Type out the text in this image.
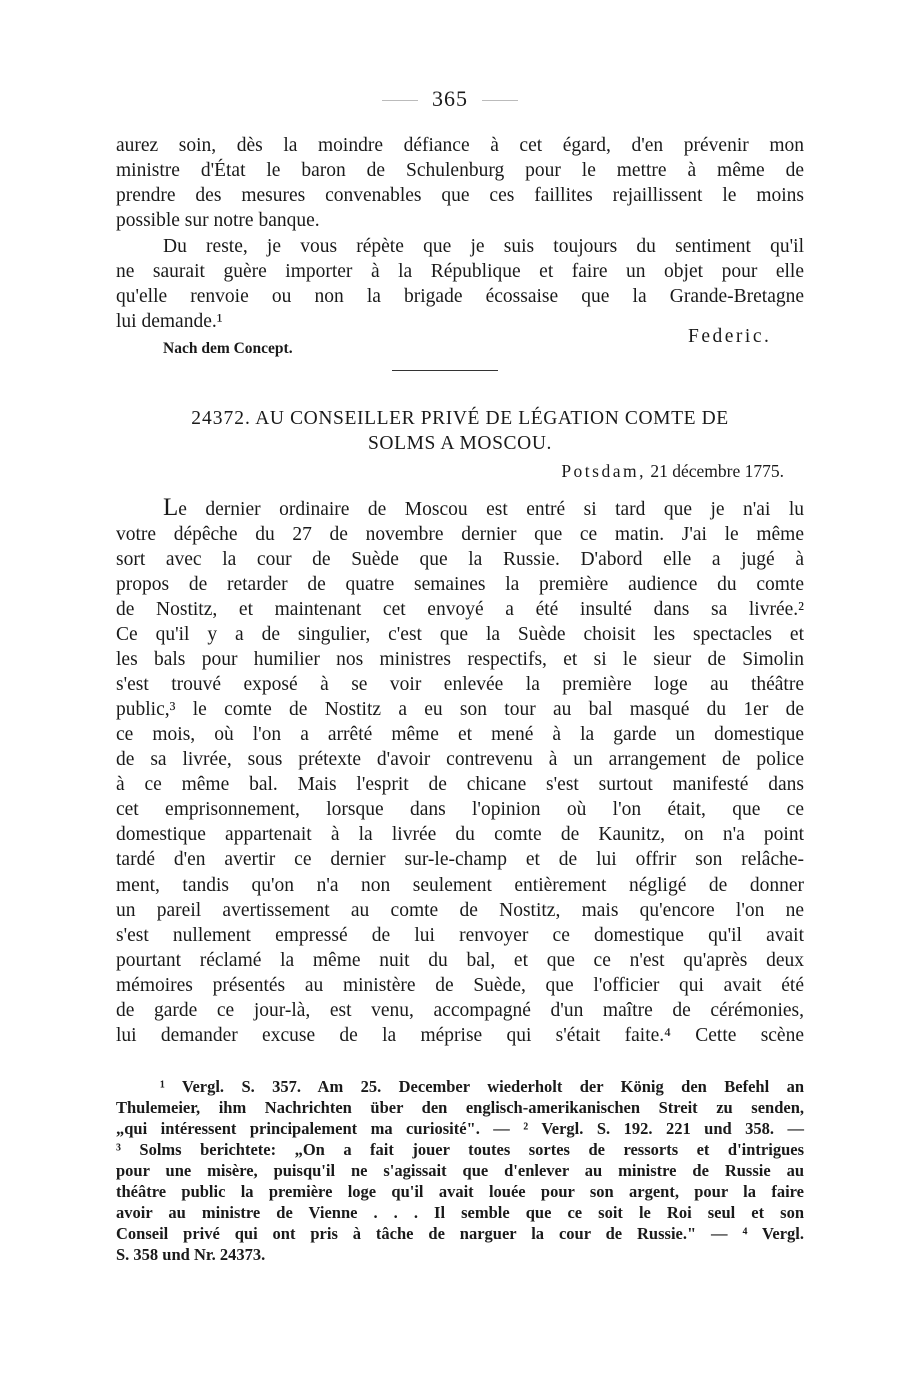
365

aurez soin, dès la moindre défiance à cet égard, d'en prévenir mon

ministre d'État le baron de Schulenburg pour le mettre à même de

prendre des mesures convenables que ces faillites rejaillissent le moins

possible sur notre banque.

Du reste, je vous répète que je suis toujours du sentiment qu'il

ne saurait guère importer à la République et faire un objet pour elle

qu'elle renvoie ou non la brigade écossaise que la Grande-Bretagne

lui demande.¹

Federic.
Nach dem Concept.
24372. AU CONSEILLER PRIVÉ DE LÉGATION COMTE DE
SOLMS A MOSCOU.
Potsdam, 21 décembre 1775.

Le dernier ordinaire de Moscou est entré si tard que je n'ai lu

votre dépêche du 27 de novembre dernier que ce matin. J'ai le même

sort avec la cour de Suède que la Russie. D'abord elle a jugé à

propos de retarder de quatre semaines la première audience du comte

de Nostitz, et maintenant cet envoyé a été insulté dans sa livrée.²

Ce qu'il y a de singulier, c'est que la Suède choisit les spectacles et

les bals pour humilier nos ministres respectifs, et si le sieur de Simolin

s'est trouvé exposé à se voir enlevée la première loge au théâtre

public,³ le comte de Nostitz a eu son tour au bal masqué du 1er de

ce mois, où l'on a arrêté même et mené à la garde un domestique

de sa livrée, sous prétexte d'avoir contrevenu à un arrangement de police

à ce même bal. Mais l'esprit de chicane s'est surtout manifesté dans

cet emprisonnement, lorsque dans l'opinion où l'on était, que ce

domestique appartenait à la livrée du comte de Kaunitz, on n'a point

tardé d'en avertir ce dernier sur-le-champ et de lui offrir son relâche-

ment, tandis qu'on n'a non seulement entièrement négligé de donner

un pareil avertissement au comte de Nostitz, mais qu'encore l'on ne

s'est nullement empressé de lui renvoyer ce domestique qu'il avait

pourtant réclamé la même nuit du bal, et que ce n'est qu'après deux

mémoires présentés au ministère de Suède, que l'officier qui avait été

de garde ce jour-là, est venu, accompagné d'un maître de cérémonies,

lui demander excuse de la méprise qui s'était faite.⁴ Cette scène

¹ Vergl. S. 357. Am 25. December wiederholt der König den Befehl an

Thulemeier, ihm Nachrichten über den englisch-amerikanischen Streit zu senden,

„qui intéressent principalement ma curiosité". — ² Vergl. S. 192. 221 und 358. —

³ Solms berichtete: „On a fait jouer toutes sortes de ressorts et d'intrigues

pour une misère, puisqu'il ne s'agissait que d'enlever au ministre de Russie au

théâtre public la première loge qu'il avait louée pour son argent, pour la faire

avoir au ministre de Vienne . . . Il semble que ce soit le Roi seul et son

Conseil privé qui ont pris à tâche de narguer la cour de Russie." — ⁴ Vergl.

S. 358 und Nr. 24373.
